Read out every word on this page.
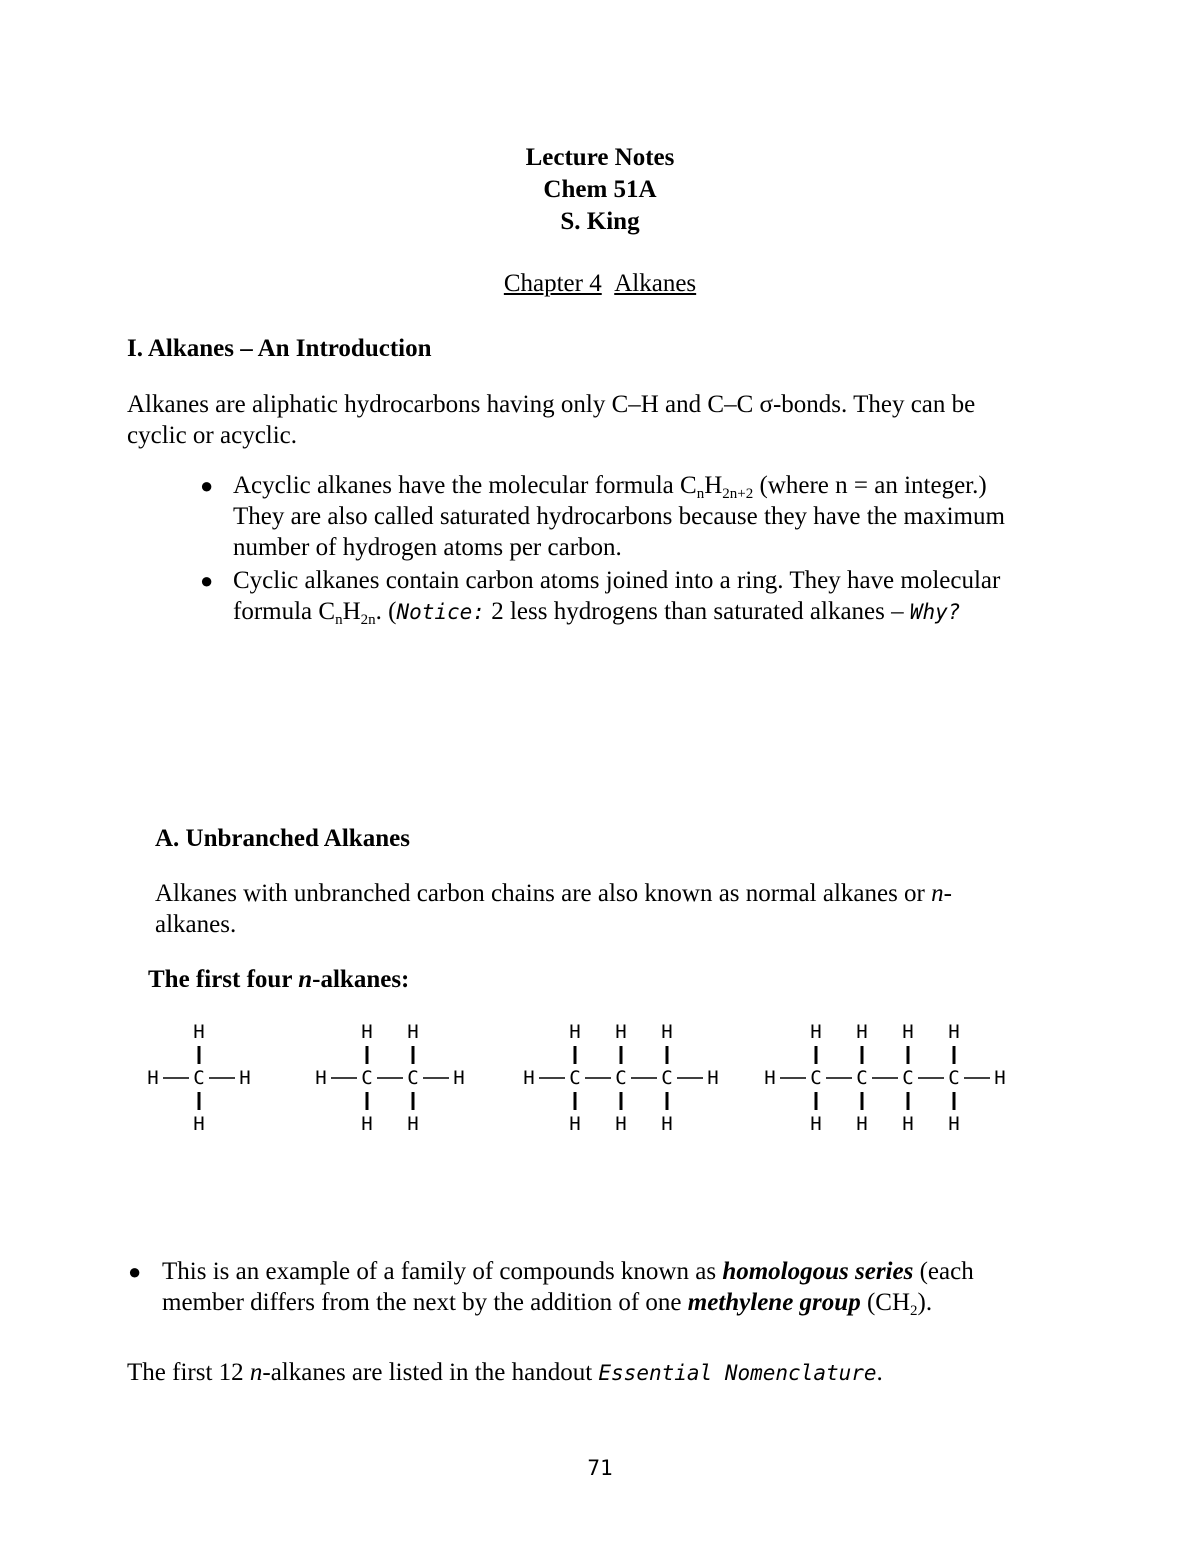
Lecture Notes
Chem 51A
S. King
Chapter 4 Alkanes
I. Alkanes – An Introduction
Alkanes are aliphatic hydrocarbons having only C–H and C–C σ-bonds. They can be
cyclic or acyclic.
● Acyclic alkanes have the molecular formula $C_nH_{2n+2}$ (where n = an integer.)
They are also called saturated hydrocarbons because they have the maximum
number of hydrogen atoms per carbon.
● Cyclic alkanes contain carbon atoms joined into a ring. They have molecular
formula $C_nH_{2n}$. (Notice: 2 less hydrogens than saturated alkanes – Why?
A. Unbranched Alkanes
Alkanes with unbranched carbon chains are also known as normal alkanes or n-
alkanes.
The first four n-alkanes:
H C
H
H
H	H C
H
H
C
H
H
H	H C
H
H
C
H
H
C
H
H
H H C
H
H
C
H
H
C
H
H
C
H
H
H
● This is an example of a family of compounds known as homologous series (each
member differs from the next by the addition of one methylene group $(CH_2)$.
The first 12 n-alkanes are listed in the handout Essential Nomenclature.
71
